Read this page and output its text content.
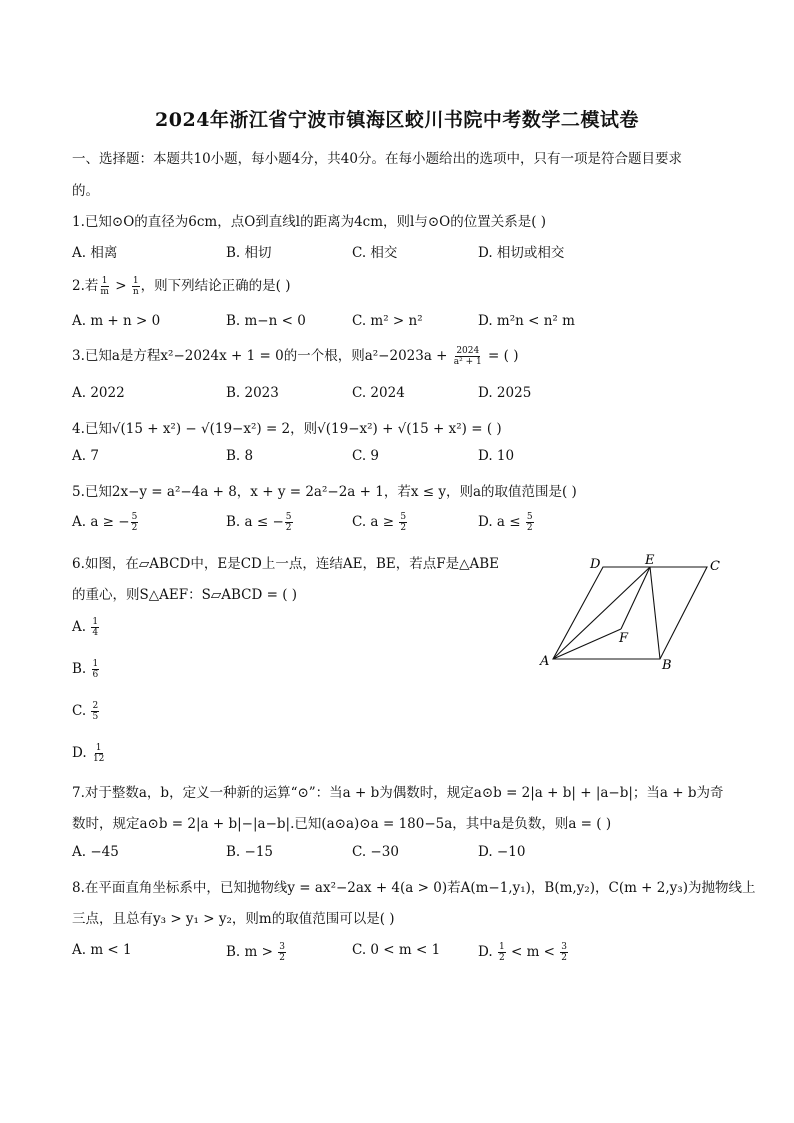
2024年浙江省宁波市镇海区蛟川书院中考数学二模试卷
一、选择题：本题共10小题，每小题4分，共40分。在每小题给出的选项中，只有一项是符合题目要求
的。
1.已知⊙O的直径为6cm，点O到直线l的距离为4cm，则l与⊙O的位置关系是( )
A. 相离	B. 相切	C. 相交	D. 相切或相交
2.若 $\frac{1}{m} > \frac{1}{n}$ ，则下列结论正确的是( )
A. m + n > 0	B. m−n < 0	C. m² > n²	D. m²n < n² m
3.已知a是方程x²−2024x + 1 = 0的一个根，则$a^2-2023a + \frac{2024}{\text{a² + 1}}$ = ( )
A. 2022	B. 2023	C. 2024	D. 2025
4.已知√(15 + x²) − √(19−x²) = 2，则√(19−x²) + √(15 + x²) = ( )
A. 7	B. 8	C. 9	D. 10
5.已知2x−y = a²−4a + 8，x + y = 2a²−2a + 1，若x ≤ y，则a的取值范围是( )
A. a ≥ − $\frac{5}{2}$	B. a ≤ − $\frac{5}{2}$	C. $a \ge \frac{5}{2}$	D. $a \le \frac{5}{2}$
6.如图，在▱ABCD中，E是CD上一点，连结AE，BE，若点F是△ABE
的重心，则S△AEF：S▱ABCD = ( )
A. $\frac{1}{4}$
B. $\frac{1}{6}$
C. $\frac{2}{5}$
D. $\frac{1}{12}$
D	E	C
F
A	B
7.对于整数a，b，定义一种新的运算“⊙”：当a + b为偶数时，规定a⊙b = 2|a + b| + |a−b|；当a + b为奇
数时，规定a⊙b = 2|a + b|−|a−b|.已知(a⊙a)⊙a = 180−5a，其中a是负数，则a = ( )
A. −45	B. −15	C. −30	D. −10
8.在平面直角坐标系中，已知抛物线y = ax²−2ax + 4(a > 0)若A(m−1,y₁)，B(m,y₂)，C(m + 2,y₃)为抛物线上
三点，且总有y₃ > y₁ > y₂，则m的取值范围可以是( )
A. m < 1	B. $m > \frac{3}{2}$	C. 0 < m < 1	D. $\frac{1}{2} < m < \frac{3}{2}$
